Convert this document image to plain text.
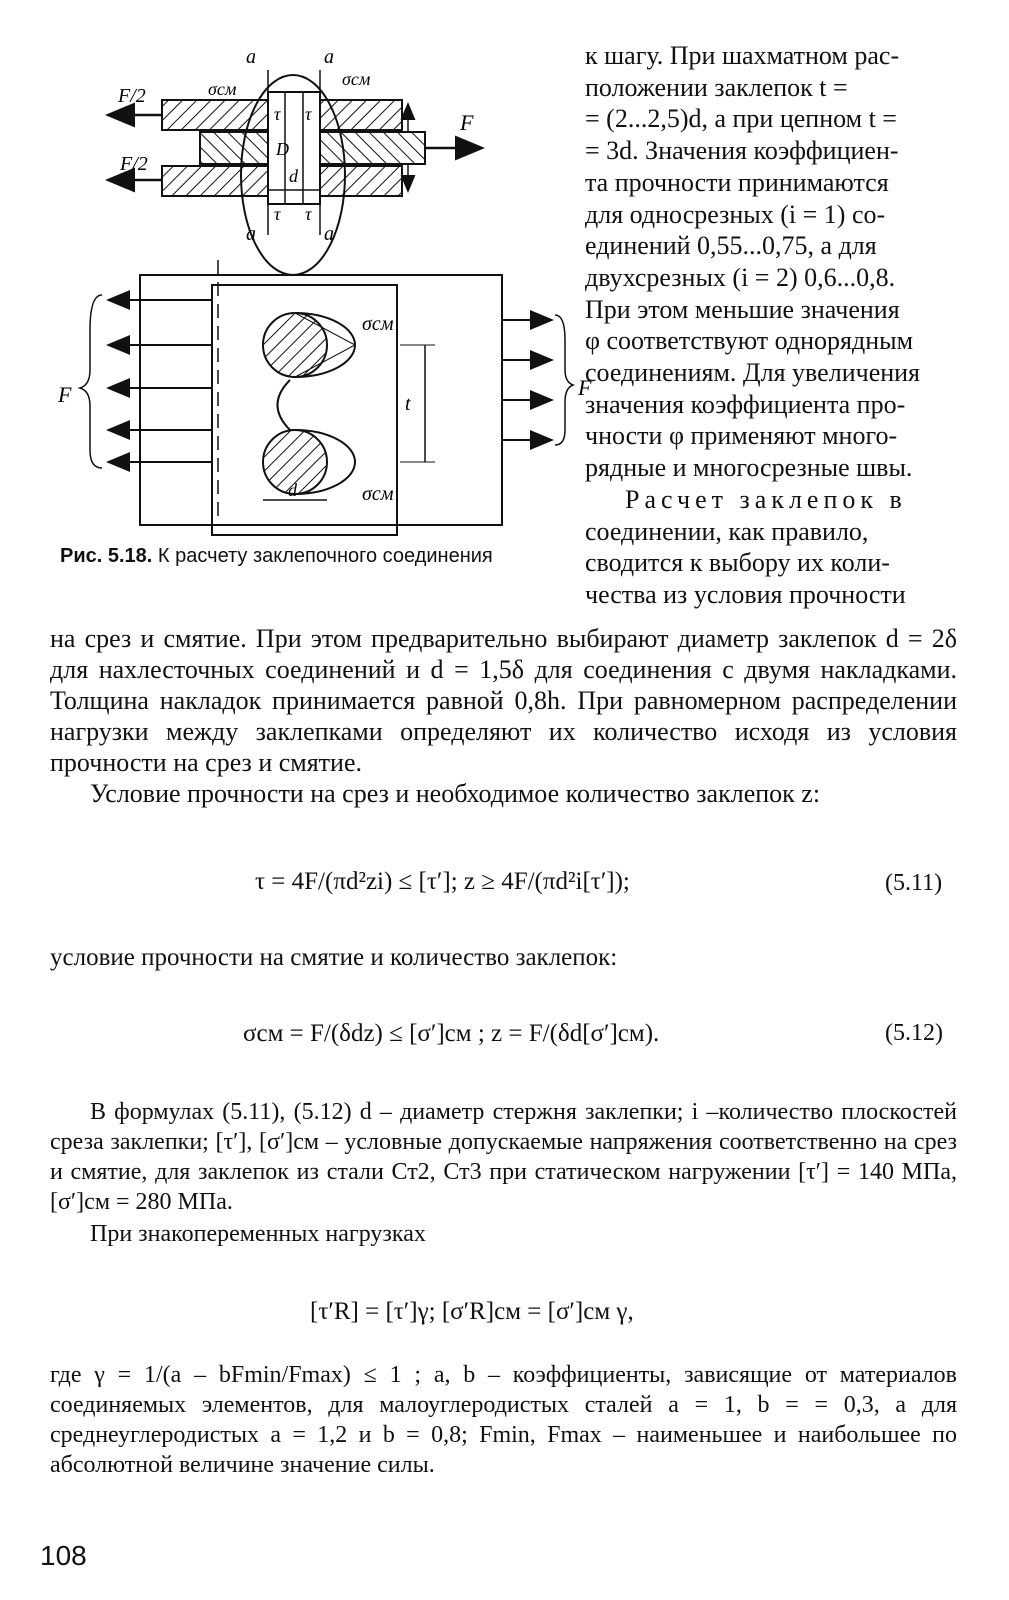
a	a
a	a
σсм	σсм
F/2
F/2
F
D
d
τ τ
τ τ
F	F
σсм
σсм
t
d
Рис. 5.18. К расчету заклепочного соединения

к шагу. При шахматном рас-

положении заклепок t =

= (2...2,5)d, а при цепном t =

= 3d. Значения коэффициен-

та прочности принимаются

для односрезных (i = 1) со-

единений 0,55...0,75, а для

двухсрезных (i = 2) 0,6...0,8.

При этом меньшие значения

φ соответствуют однорядным

соединениям. Для увеличения

значения коэффициента про-

чности φ применяют много-

рядные и многосрезные швы.

Расчет заклепок в

соединении, как правило,

сводится к выбору их коли-

чества из условия прочности

на срез и смятие. При этом предварительно выбирают диаметр заклепок d = 2δ для нахлесточных соединений и d = 1,5δ для соединения с двумя накладками. Толщина накладок принимается равной 0,8h. При равномерном распределении нагрузки между заклепками определяют их количество исходя из условия прочности на срез и смятие.

Условие прочности на срез и необходимое количество заклепок z:

τ = 4F/(πd²zi) ≤ [τ′]; z ≥ 4F/(πd²i[τ′]);	(5.11)

условие прочности на смятие и количество заклепок:

σсм = F/(δdz) ≤ [σ′]см ; z = F/(δd[σ′]см).	(5.12)

В формулах (5.11), (5.12) d – диаметр стержня заклепки; i –количество плоскостей среза заклепки; [τ′], [σ′]см – условные допускаемые напряжения соответственно на срез и смятие, для заклепок из стали Ст2, Ст3 при статическом нагружении [τ′] = 140 МПа, [σ′]см = 280 МПа.

При знакопеременных нагрузках

[τ′R] = [τ′]γ; [σ′R]см = [σ′]см γ,

где γ = 1/(a – bFmin/Fmax) ≤ 1 ; a, b – коэффициенты, зависящие от материалов соединяемых элементов, для малоуглеродистых сталей a = 1, b = = 0,3, а для среднеуглеродистых a = 1,2 и b = 0,8; Fmin, Fmax – наименьшее и наибольшее по абсолютной величине значение силы.

108
